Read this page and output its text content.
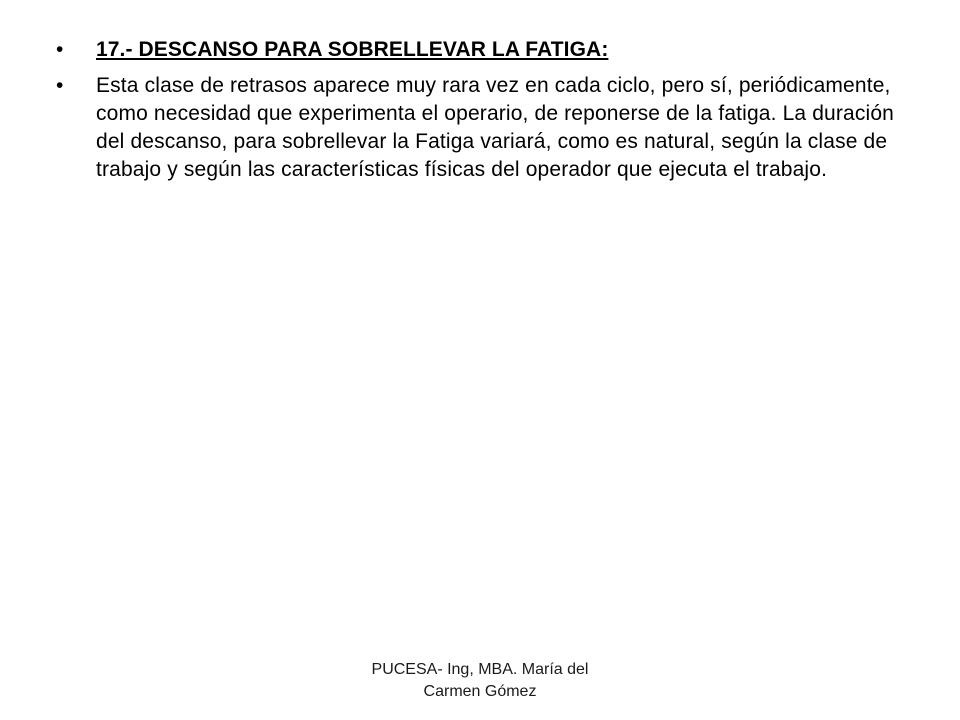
•	17.- DESCANSO PARA SOBRELLEVAR LA FATIGA:
•	Esta clase de retrasos aparece muy rara vez en cada ciclo, pero sí, periódicamente, como necesidad que experimenta el operario, de reponerse de la fatiga. La duración del descanso, para sobrellevar la Fatiga variará, como es natural, según la clase de trabajo y según las características físicas del operador que ejecuta el trabajo.
PUCESA- Ing, MBA. María del
Carmen Gómez
